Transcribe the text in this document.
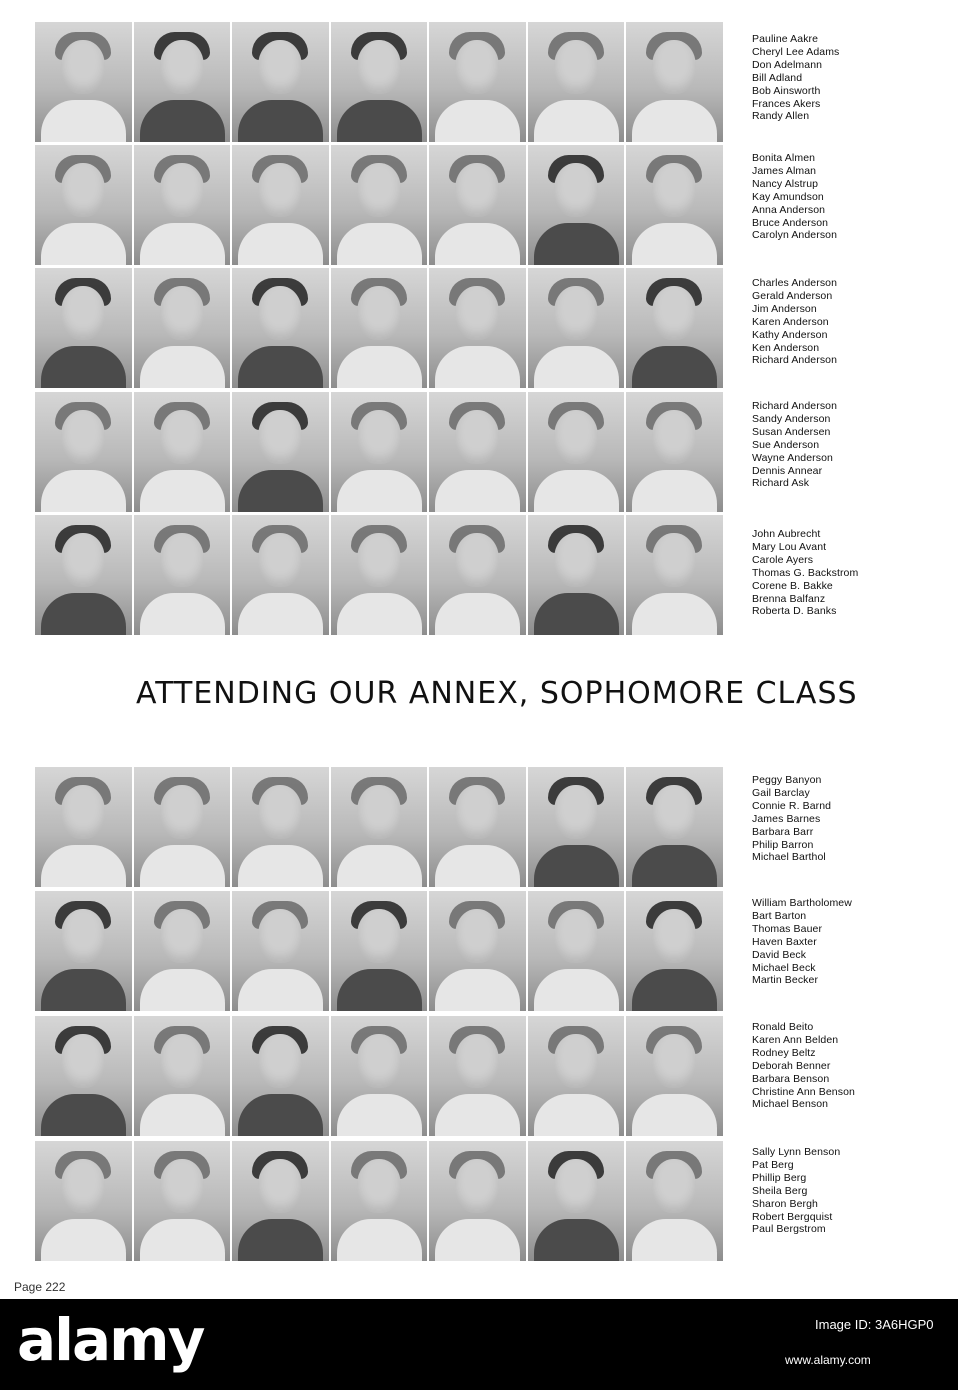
Pauline Aakre
Cheryl Lee Adams
Don Adelmann
Bill Adland
Bob Ainsworth
Frances Akers
Randy Allen
Bonita Almen
James Alman
Nancy Alstrup
Kay Amundson
Anna Anderson
Bruce Anderson
Carolyn Anderson
Charles Anderson
Gerald Anderson
Jim Anderson
Karen Anderson
Kathy Anderson
Ken Anderson
Richard Anderson
Richard Anderson
Sandy Anderson
Susan Andersen
Sue Anderson
Wayne Anderson
Dennis Annear
Richard Ask
John Aubrecht
Mary Lou Avant
Carole Ayers
Thomas G. Backstrom
Corene B. Bakke
Brenna Balfanz
Roberta D. Banks
ATTENDING OUR ANNEX, SOPHOMORE CLASS
Peggy Banyon
Gail Barclay
Connie R. Barnd
James Barnes
Barbara Barr
Philip Barron
Michael Barthol
William Bartholomew
Bart Barton
Thomas Bauer
Haven Baxter
David Beck
Michael Beck
Martin Becker
Ronald Beito
Karen Ann Belden
Rodney Beltz
Deborah Benner
Barbara Benson
Christine Ann Benson
Michael Benson
Sally Lynn Benson
Pat Berg
Phillip Berg
Sheila Berg
Sharon Bergh
Robert Bergquist
Paul Bergstrom
Page 222
alamy	Image ID: 3A6HGP0
www.alamy.com
